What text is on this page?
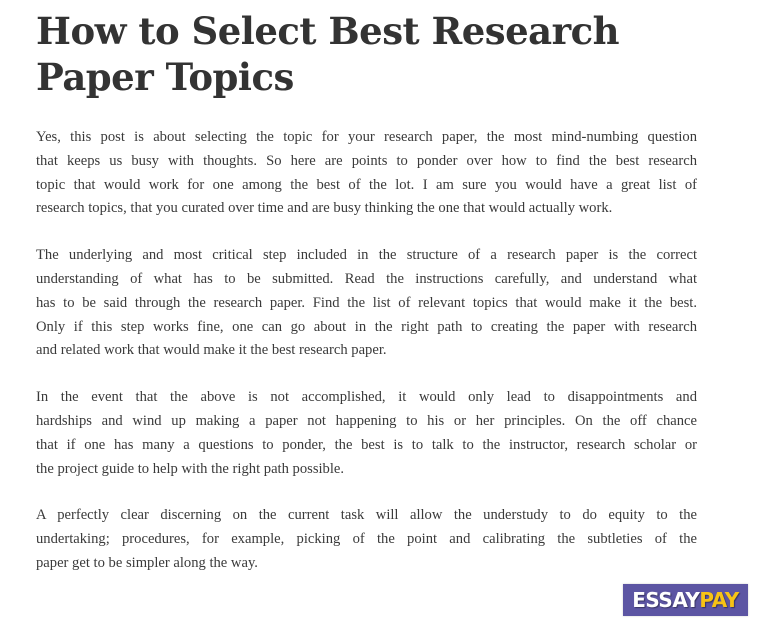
How to Select Best Research Paper Topics

Yes, this post is about selecting the topic for your research paper, the most mind-numbing question
that keeps us busy with thoughts. So here are points to ponder over how to find the best research
topic that would work for one among the best of the lot. I am sure you would have a great list of
research topics, that you curated over time and are busy thinking the one that would actually work.

The underlying and most critical step included in the structure of a research paper is the correct
understanding of what has to be submitted. Read the instructions carefully, and understand what
has to be said through the research paper. Find the list of relevant topics that would make it the best.
Only if this step works fine, one can go about in the right path to creating the paper with research
and related work that would make it the best research paper.

In the event that the above is not accomplished, it would only lead to disappointments and
hardships and wind up making a paper not happening to his or her principles. On the off chance
that if one has many a questions to ponder, the best is to talk to the instructor, research scholar or
the project guide to help with the right path possible.

A perfectly clear discerning on the current task will allow the understudy to do equity to the
undertaking; procedures, for example, picking of the point and calibrating the subtleties of the
paper get to be simpler along the way.

ESSAY PAY
